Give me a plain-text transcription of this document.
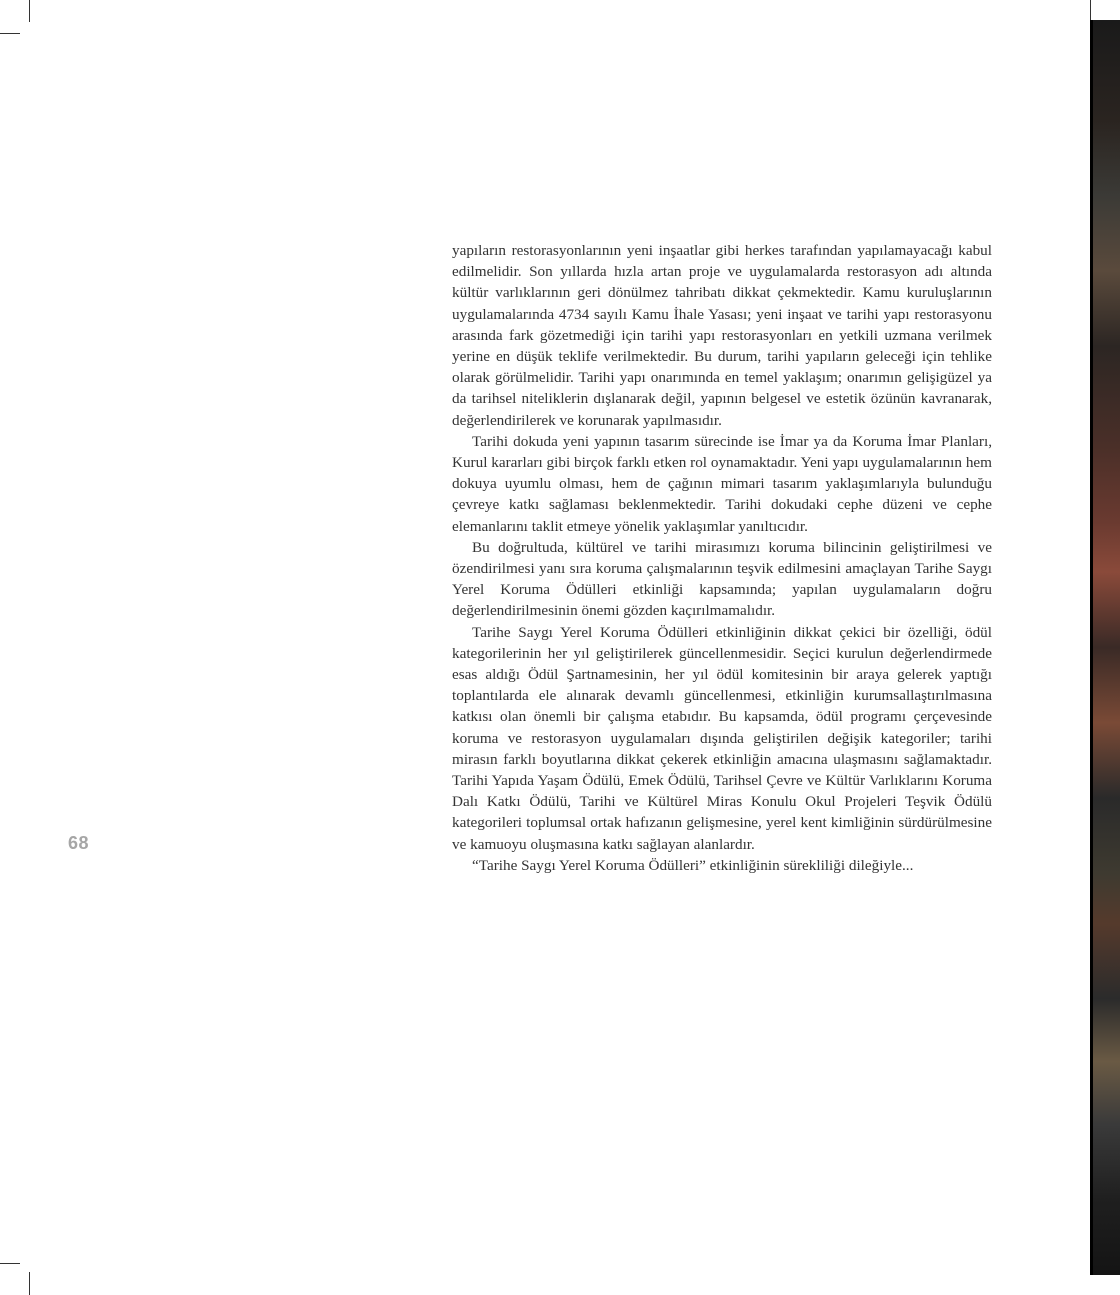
68

yapıların restorasyonlarının yeni inşaatlar gibi herkes tarafından yapılamayacağı kabul edilmelidir. Son yıllarda hızla artan proje ve uygulamalarda restorasyon adı altında kültür varlıklarının geri dönülmez tahribatı dikkat çekmektedir. Kamu kuruluşlarının uygulamalarında 4734 sayılı Kamu İhale Yasası; yeni inşaat ve tarihi yapı restorasyonu arasında fark gözetmediği için tarihi yapı restorasyonları en yetkili uzmana verilmek yerine en düşük teklife verilmektedir. Bu durum, tarihi yapıların geleceği için tehlike olarak görülmelidir. Tarihi yapı onarımında en temel yaklaşım; onarımın gelişigüzel ya da tarihsel niteliklerin dışlanarak değil, yapının belgesel ve estetik özünün kavranarak, değerlendirilerek ve korunarak yapılmasıdır.

Tarihi dokuda yeni yapının tasarım sürecinde ise İmar ya da Koruma İmar Planları, Kurul kararları gibi birçok farklı etken rol oynamaktadır. Yeni yapı uygulamalarının hem dokuya uyumlu olması, hem de çağının mimari tasarım yaklaşımlarıyla bulunduğu çevreye katkı sağlaması beklenmektedir. Tarihi dokudaki cephe düzeni ve cephe elemanlarını taklit etmeye yönelik yaklaşımlar yanıltıcıdır.

Bu doğrultuda, kültürel ve tarihi mirasımızı koruma bilincinin geliştirilmesi ve özendirilmesi yanı sıra koruma çalışmalarının teşvik edilmesini amaçlayan Tarihe Saygı Yerel Koruma Ödülleri etkinliği kapsamında; yapılan uygulamaların doğru değerlendirilmesinin önemi gözden kaçırılmamalıdır.

Tarihe Saygı Yerel Koruma Ödülleri etkinliğinin dikkat çekici bir özelliği, ödül kategorilerinin her yıl geliştirilerek güncellenmesidir. Seçici kurulun değerlendirmede esas aldığı Ödül Şartnamesinin, her yıl ödül komitesinin bir araya gelerek yaptığı toplantılarda ele alınarak devamlı güncellenmesi, etkinliğin kurumsallaştırılmasına katkısı olan önemli bir çalışma etabıdır. Bu kapsamda, ödül programı çerçevesinde koruma ve restorasyon uygulamaları dışında geliştirilen değişik kategoriler; tarihi mirasın farklı boyutlarına dikkat çekerek etkinliğin amacına ulaşmasını sağlamaktadır. Tarihi Yapıda Yaşam Ödülü, Emek Ödülü, Tarihsel Çevre ve Kültür Varlıklarını Koruma Dalı Katkı Ödülü, Tarihi ve Kültürel Miras Konulu Okul Projeleri Teşvik Ödülü kategorileri toplumsal ortak hafızanın gelişmesine, yerel kent kimliğinin sürdürülmesine ve kamuoyu oluşmasına katkı sağlayan alanlardır.

“Tarihe Saygı Yerel Koruma Ödülleri” etkinliğinin sürekliliği dileğiyle...
